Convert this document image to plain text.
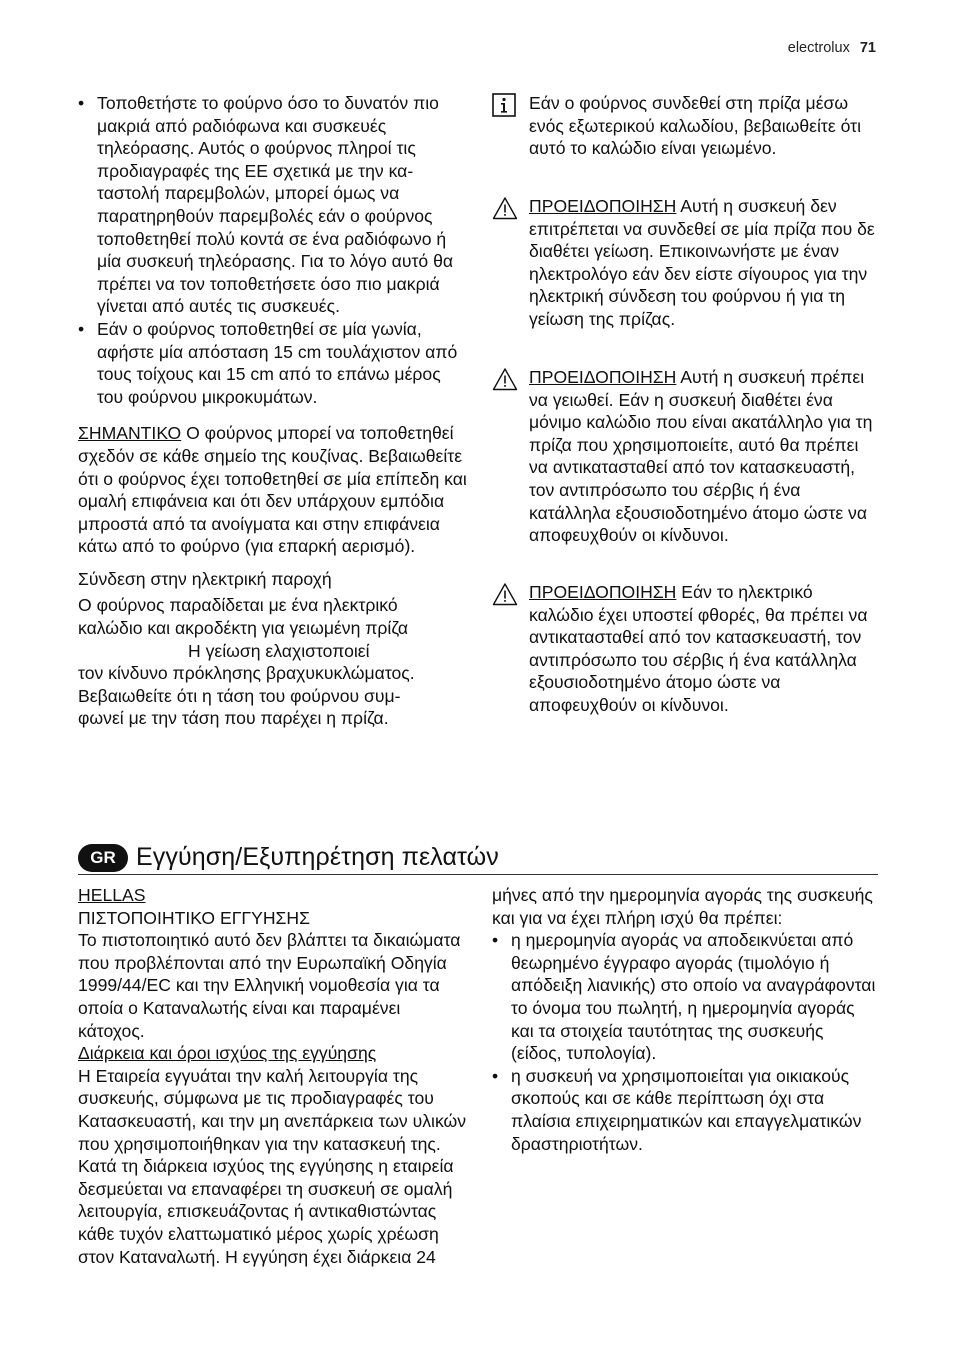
electrolux 71
• Τοποθετήστε το φούρνο όσο το δυνατόν πιο μακριά από ραδιόφωνα και συσκευές τηλεόρασης. Αυτός ο φούρνος πληροί τις προδιαγραφές της ΕΕ σχετικά με την καταστολή παρεμβολών, μπορεί όμως να παρατηρηθούν παρεμβολές εάν ο φούρνος τοποθετηθεί πολύ κοντά σε ένα ραδιόφωνο ή μία συσκευή τηλεόρασης. Για το λόγο αυτό θα πρέπει να τον τοποθετήσετε όσο πιο μακριά γίνεται από αυτές τις συσκευές.
• Εάν ο φούρνος τοποθετηθεί σε μία γωνία, αφήστε μία απόσταση 15 cm τουλάχιστον από τους τοίχους και 15 cm από το επάνω μέρος του φούρνου μικροκυμάτων.

ΣΗΜΑΝΤΙΚΟ Ο φούρνος μπορεί να τοποθετηθεί σχεδόν σε κάθε σημείο της κουζίνας. Βεβαιωθείτε ότι ο φούρνος έχει τοποθετηθεί σε μία επίπεδη και ομαλή επιφάνεια και ότι δεν υπάρχουν εμπόδια μπροστά από τα ανοίγματα και στην επιφάνεια κάτω από το φούρνο (για επαρκή αερισμό).

Σύνδεση στην ηλεκτρική παροχή

Ο φούρνος παραδίδεται με ένα ηλεκτρικό

καλώδιο και ακροδέκτη για γειωμένη πρίζα

Η γείωση ελαχιστοποιεί

τον κίνδυνο πρόκλησης βραχυκυκλώματος.

Βεβαιωθείτε ότι η τάση του φούρνου συμ-

φωνεί με την τάση που παρέχει η πρίζα.

Εάν ο φούρνος συνδεθεί στη πρίζα μέσω ενός εξωτερικού καλωδίου, βεβαιωθείτε ότι αυτό το καλώδιο είναι γειωμένο.
ΠΡΟΕΙΔΟΠΟΙΗΣΗ Αυτή η συσκευή δεν επιτρέπεται να συνδεθεί σε μία πρίζα που δε διαθέτει γείωση. Επικοινωνήστε με έναν ηλεκτρολόγο εάν δεν είστε σίγουρος για την ηλεκτρική σύνδεση του φούρνου ή για τη γείωση της πρίζας.
ΠΡΟΕΙΔΟΠΟΙΗΣΗ Αυτή η συσκευή πρέπει να γειωθεί. Εάν η συσκευή διαθέτει ένα μόνιμο καλώδιο που είναι ακατάλληλο για τη πρίζα που χρησιμοποιείτε, αυτό θα πρέπει να αντικατασταθεί από τον κατασκευαστή, τον αντιπρόσωπο του σέρβις ή ένα κατάλληλα εξουσιοδοτημένο άτομο ώστε να αποφευχθούν οι κίνδυνοι.
ΠΡΟΕΙΔΟΠΟΙΗΣΗ Εάν το ηλεκτρικό καλώδιο έχει υποστεί φθορές, θα πρέπει να αντικατασταθεί από τον κατασκευαστή, τον αντιπρόσωπο του σέρβις ή ένα κατάλληλα εξουσιοδοτημένο άτομο ώστε να αποφευχθούν οι κίνδυνοι.
GR Εγγύηση/Εξυπηρέτηση πελατών

HELLAS

ΠΙΣΤΟΠΟΙΗΤΙΚΟ ΕΓΓΥΗΣΗΣ

Το πιστοποιητικό αυτό δεν βλάπτει τα δικαιώματα που προβλέπονται από την Ευρωπαϊκή Οδηγία 1999/44/EC και την Ελληνική νομοθεσία για τα οποία ο Καταναλωτής είναι και παραμένει κάτοχος.

Διάρκεια και όροι ισχύος της εγγύησης

Η Εταιρεία εγγυάται την καλή λειτουργία της συσκευής, σύμφωνα με τις προδιαγραφές του Κατασκευαστή, και την μη ανεπάρκεια των υλικών που χρησιμοποιήθηκαν για την κατασκευή της. Κατά τη διάρκεια ισχύος της εγγύησης η εταιρεία δεσμεύεται να επαναφέρει τη συσκευή σε ομαλή λειτουργία, επισκευάζοντας ή αντικαθιστώντας κάθε τυχόν ελαττωματικό μέρος χωρίς χρέωση στον Καταναλωτή. Η εγγύηση έχει διάρκεια 24

μήνες από την ημερομηνία αγοράς της συσκευής και για να έχει πλήρη ισχύ θα πρέπει:

• η ημερομηνία αγοράς να αποδεικνύεται από θεωρημένο έγγραφο αγοράς (τιμολόγιο ή απόδειξη λιανικής) στο οποίο να αναγράφονται το όνομα του πωλητή, η ημερομηνία αγοράς και τα στοιχεία ταυτότητας της συσκευής (είδος, τυπολογία).
• η συσκευή να χρησιμοποιείται για οικιακούς σκοπούς και σε κάθε περίπτωση όχι στα πλαίσια επιχειρηματικών και επαγγελματικών δραστηριοτήτων.
